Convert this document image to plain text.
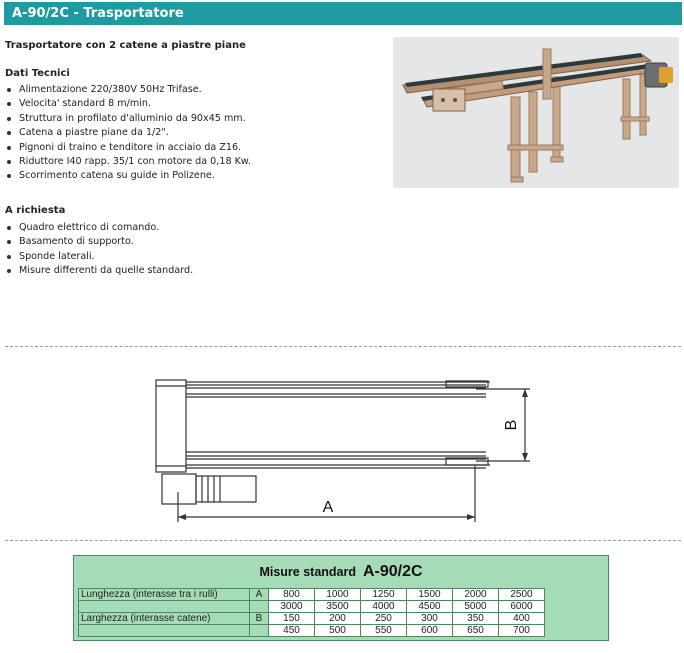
A-90/2C - Trasportatore
Trasportatore con 2 catene a piastre piane
Dati Tecnici
Alimentazione 220/380V 50Hz Trifase.
Velocita' standard 8 m/min.
Struttura in profilato d'alluminio da 90x45 mm.
Catena a piastre piane da 1/2".
Pignoni di traino e tenditore in acciaio da Z16.
Riduttore I40 rapp. 35/1 con motore da 0,18 Kw.
Scorrimento catena su guide in Polizene.
A richiesta
Quadro elettrico di comando.
Basamento di supporto.
Sponde laterali.
Misure differenti da quelle standard.
A
B
Misure standard A-90/2C
Lunghezza (interasse tra i rulli)	A	800	1000	1250	1500	2000	2500
		3000	3500	4000	4500	5000	6000
Larghezza (interasse catene)	B	150	200	250	300	350	400
		450	500	550	600	650	700
